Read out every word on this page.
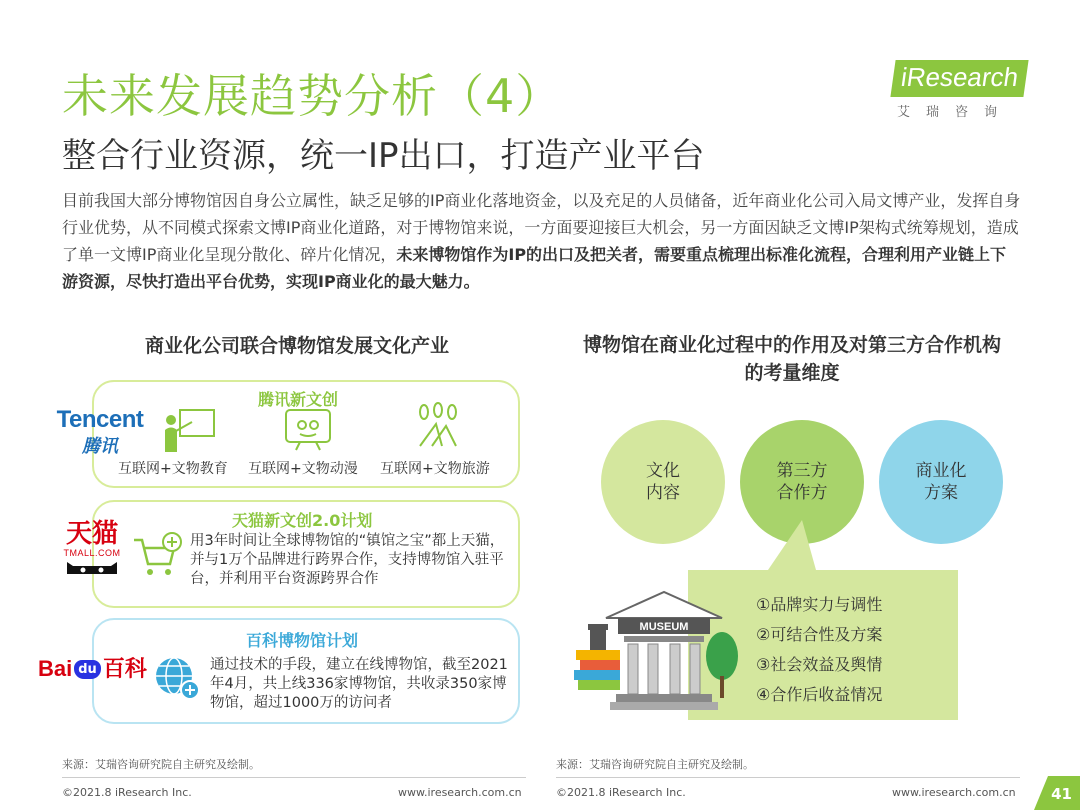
未来发展趋势分析（4）
整合行业资源，统一IP出口，打造产业平台
iResearch
艾瑞咨询
目前我国大部分博物馆因自身公立属性，缺乏足够的IP商业化落地资金，以及充足的人员储备，近年商业化公司入局文博产业，发挥自身行业优势，从不同模式探索文博IP商业化道路，对于博物馆来说，一方面要迎接巨大机会，另一方面因缺乏文博IP架构式统筹规划，造成了单一文博IP商业化呈现分散化、碎片化情况，未来博物馆作为IP的出口及把关者，需要重点梳理出标准化流程，合理利用产业链上下游资源，尽快打造出平台优势，实现IP商业化的最大魅力。
商业化公司联合博物馆发展文化产业
腾讯新文创
Tencent
腾讯
互联网+文物教育 互联网+文物动漫 互联网+文物旅游
天猫新文创2.0计划
天猫
TMALL.COM
用3年时间让全球博物馆的“镇馆之宝”都上天猫，并与1万个品牌进行跨界合作，支持博物馆入驻平台，并利用平台资源跨界合作
百科博物馆计划
Bai du 百科	通过技术的手段，建立在线博物馆，截至2021年4月，共上线336家博物馆，共收录350家博物馆，超过1000万的访问者
来源：艾瑞咨询研究院自主研究及绘制。
博物馆在商业化过程中的作用及对第三方合作机构
的考量维度
文化
内容
第三方
合作方
商业化
方案
①品牌实力与调性
②可结合性及方案
③社会效益及舆情
④合作后收益情况
MUSEUM
来源：艾瑞咨询研究院自主研究及绘制。
©2021.8 iResearch Inc.	www.iresearch.com.cn	©2021.8 iResearch Inc.	www.iresearch.com.cn 41
